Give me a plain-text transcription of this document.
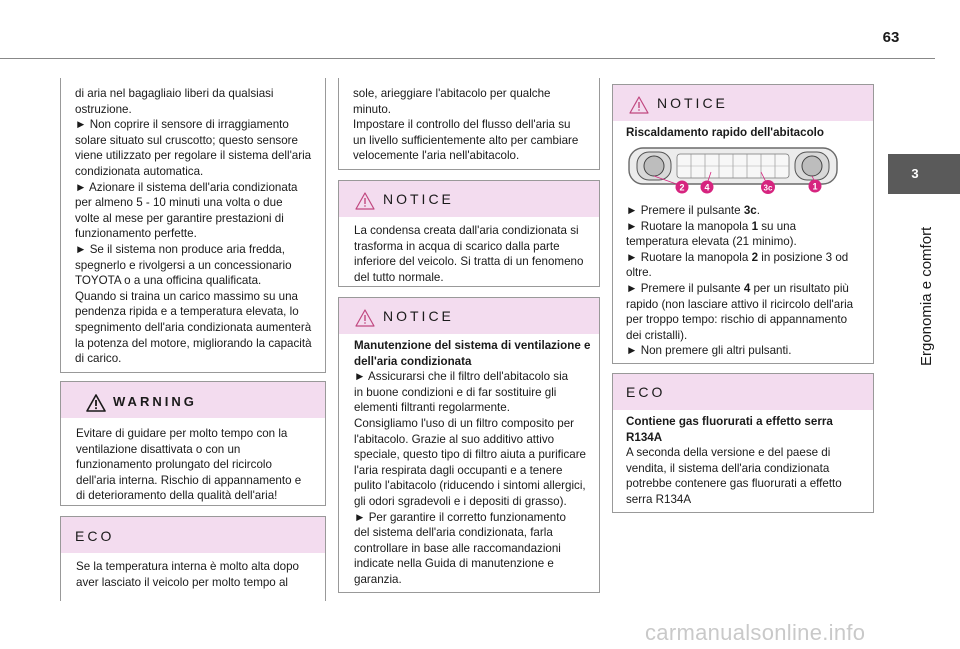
63
3
Ergonomia e comfort
di aria nel bagagliaio liberi da qualsiasi
ostruzione.
► Non coprire il sensore di irraggiamento
solare situato sul cruscotto; questo sensore
viene utilizzato per regolare il sistema dell'aria
condizionata automatica.
► Azionare il sistema dell'aria condizionata
per almeno 5 - 10 minuti una volta o due
volte al mese per garantire prestazioni di
funzionamento perfette.
► Se il sistema non produce aria fredda,
spegnerlo e rivolgersi a un concessionario
TOYOTA o a una officina qualificata.
Quando si traina un carico massimo su una
pendenza ripida e a temperatura elevata, lo
spegnimento dell'aria condizionata aumenterà
la potenza del motore, migliorando la capacità
di carico.
WARNING
Evitare di guidare per molto tempo con la
ventilazione disattivata o con un
funzionamento prolungato del ricircolo
dell'aria interna. Rischio di appannamento e
di deterioramento della qualità dell'aria!
ECO
Se la temperatura interna è molto alta dopo
aver lasciato il veicolo per molto tempo al
sole, arieggiare l'abitacolo per qualche
minuto.
Impostare il controllo del flusso dell'aria su
un livello sufficientemente alto per cambiare
velocemente l'aria nell'abitacolo.
NOTICE
La condensa creata dall'aria condizionata si
trasforma in acqua di scarico dalla parte
inferiore del veicolo. Si tratta di un fenomeno
del tutto normale.
NOTICE
Manutenzione del sistema di ventilazione e
dell'aria condizionata
► Assicurarsi che il filtro dell'abitacolo sia
in buone condizioni e di far sostituire gli
elementi filtranti regolarmente.
Consigliamo l'uso di un filtro composito per
l'abitacolo. Grazie al suo additivo attivo
speciale, questo tipo di filtro aiuta a purificare
l'aria respirata dagli occupanti e a tenere
pulito l'abitacolo (riducendo i sintomi allergici,
gli odori sgradevoli e i depositi di grasso).
► Per garantire il corretto funzionamento
del sistema dell'aria condizionata, farla
controllare in base alle raccomandazioni
indicate nella Guida di manutenzione e
garanzia.
NOTICE
Riscaldamento rapido dell'abitacolo
► Premere il pulsante 3c.
► Ruotare la manopola 1 su una
temperatura elevata (21 minimo).
► Ruotare la manopola 2 in posizione 3 od
oltre.
► Premere il pulsante 4 per un risultato più
rapido (non lasciare attivo il ricircolo dell'aria
per troppo tempo: rischio di appannamento
dei cristalli).
► Non premere gli altri pulsanti.
2 4	3c	1
ECO
Contiene gas fluorurati a effetto serra
R134A
A seconda della versione e del paese di
vendita, il sistema dell'aria condizionata
potrebbe contenere gas fluorurati a effetto
serra R134A
carmanualsonline.info
